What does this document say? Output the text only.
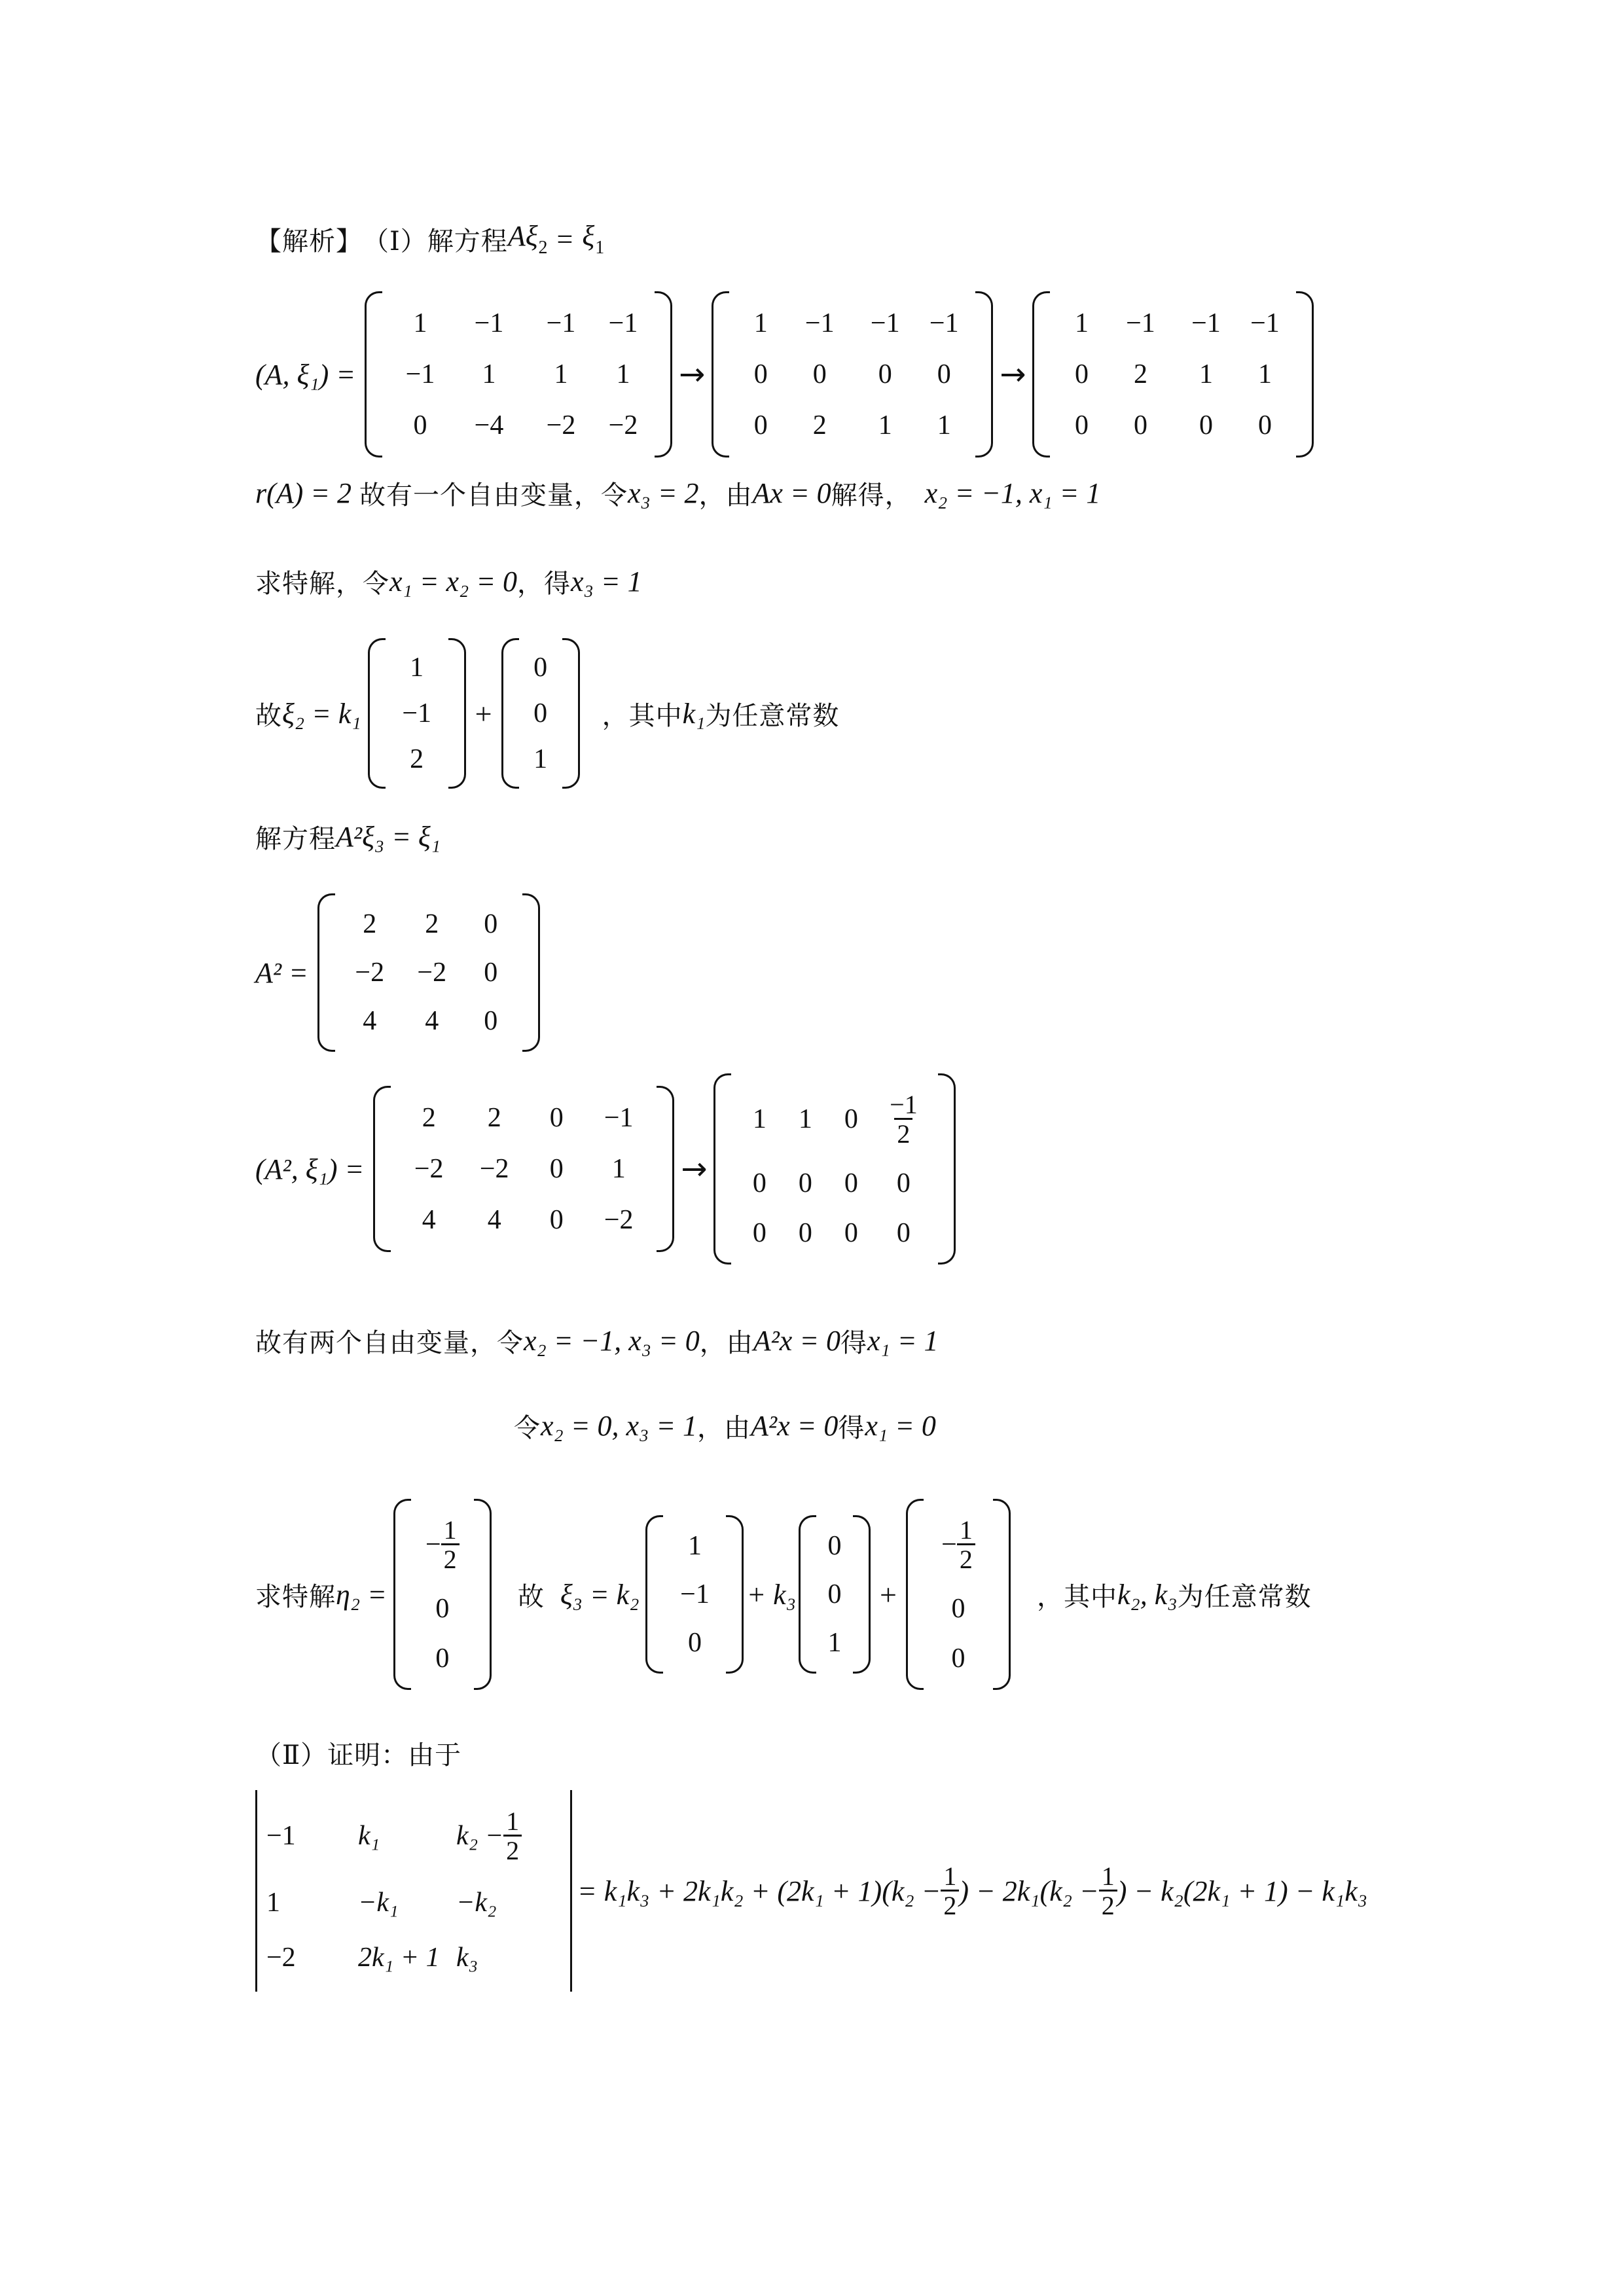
【解析】 （Ⅰ） 解方程 $A\xi_2 = \xi_1$
(A, ξ₁) =
1 −1 −1 −1
−1 1 1 1
0 −4 −2 −2
→
1 −1 −1 −1
0 0 0 0
0 2 1 1
→
1 −1 −1 −1
0 2 1 1
0 0 0 0
r(A) = 2 故有一个自由变量，令 x₃ = 2 ，由 Ax = 0 解得， x₂ = −1, x₁ = 1
求特解，令 x₁ = x₂ = 0 ，得 x₃ = 1
故 ξ₂ = k₁
1
−1
2
+
0
0
1
，其中 k₁ 为任意常数
解方程 A²ξ₃ = ξ₁
A² =
2 2 0
−2 −2 0
4 4 0
(A², ξ₁) =
2 2 0 −1
−2 −2 0 1
4 4 0 −2
→
1 1 $0 \frac{-1}{2}$
0 0 0 0
0 0 0 0
故有两个自由变量，令 x₂ = −1, x₃ = 0 ，由 A²x = 0 得 x₁ = 1
令 x₂ = 0, x₃ = 1 ，由 A²x = 0 得 x₁ = 0
求特解 η₂ =
− $\frac{1}{2}$
0
0
故 ξ₃ = k₂
1
−1
0
+ k₃
0
0
1
+
− $\frac{1}{2}$
0
0
，其中 k₂, k₃ 为任意常数
（Ⅱ） 证明：由于
−1 k₁	$k_2 - \frac{1}{2}$
1	−k₁ −k₂
−2 2k₁ + 1 k₃
= $k_1k_3 + 2k_1k_2 + (2k_1 + 1)(k_2 - \frac{1}{2}$ ) − $2k_1(k_2 - \frac{1}{2}$ ) − k₂(2k₁ + 1) − k₁k₃
